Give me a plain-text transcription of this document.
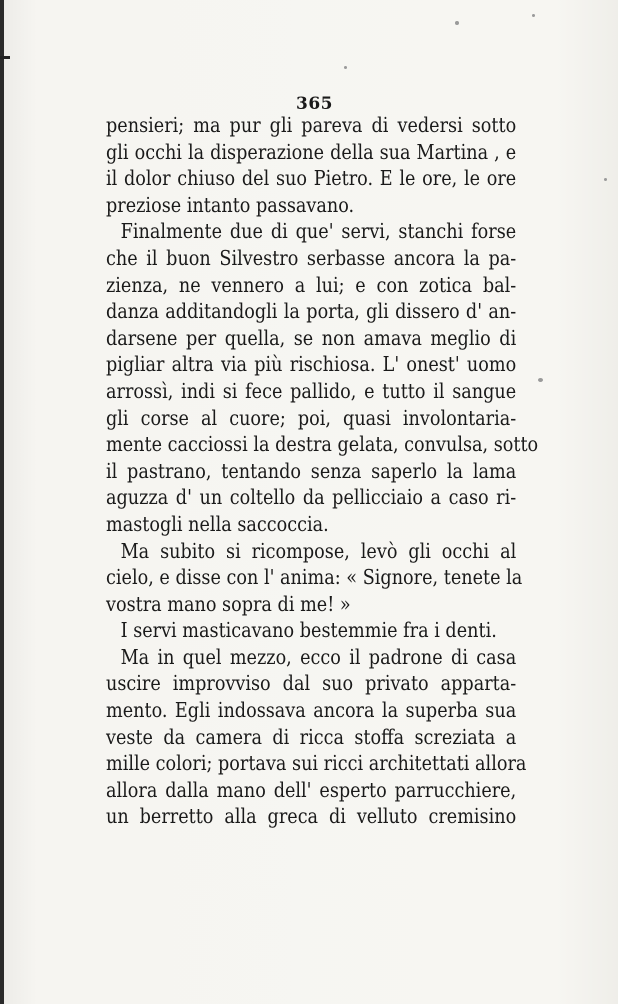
365
pensieri; ma pur gli pareva di vedersi sotto
gli occhi la disperazione della sua Martina , e
il dolor chiuso del suo Pietro. E le ore, le ore
preziose intanto passavano.
Finalmente due di que' servi, stanchi forse
che il buon Silvestro serbasse ancora la pa-
zienza, ne vennero a lui; e con zotica bal-
danza additandogli la porta, gli dissero d' an-
darsene per quella, se non amava meglio di
pigliar altra via più rischiosa. L' onest' uomo
arrossì, indi si fece pallido, e tutto il sangue
gli corse al cuore; poi, quasi involontaria-
mente cacciossi la destra gelata, convulsa, sotto
il pastrano, tentando senza saperlo la lama
aguzza d' un coltello da pellicciaio a caso ri-
mastogli nella saccoccia.
Ma subito si ricompose, levò gli occhi al
cielo, e disse con l' anima: « Signore, tenete la
vostra mano sopra di me! »
I servi masticavano bestemmie fra i denti.
Ma in quel mezzo, ecco il padrone di casa
uscire improvviso dal suo privato apparta-
mento. Egli indossava ancora la superba sua
veste da camera di ricca stoffa screziata a
mille colori; portava sui ricci architettati allora
allora dalla mano dell' esperto parrucchiere,
un berretto alla greca di velluto cremisino
